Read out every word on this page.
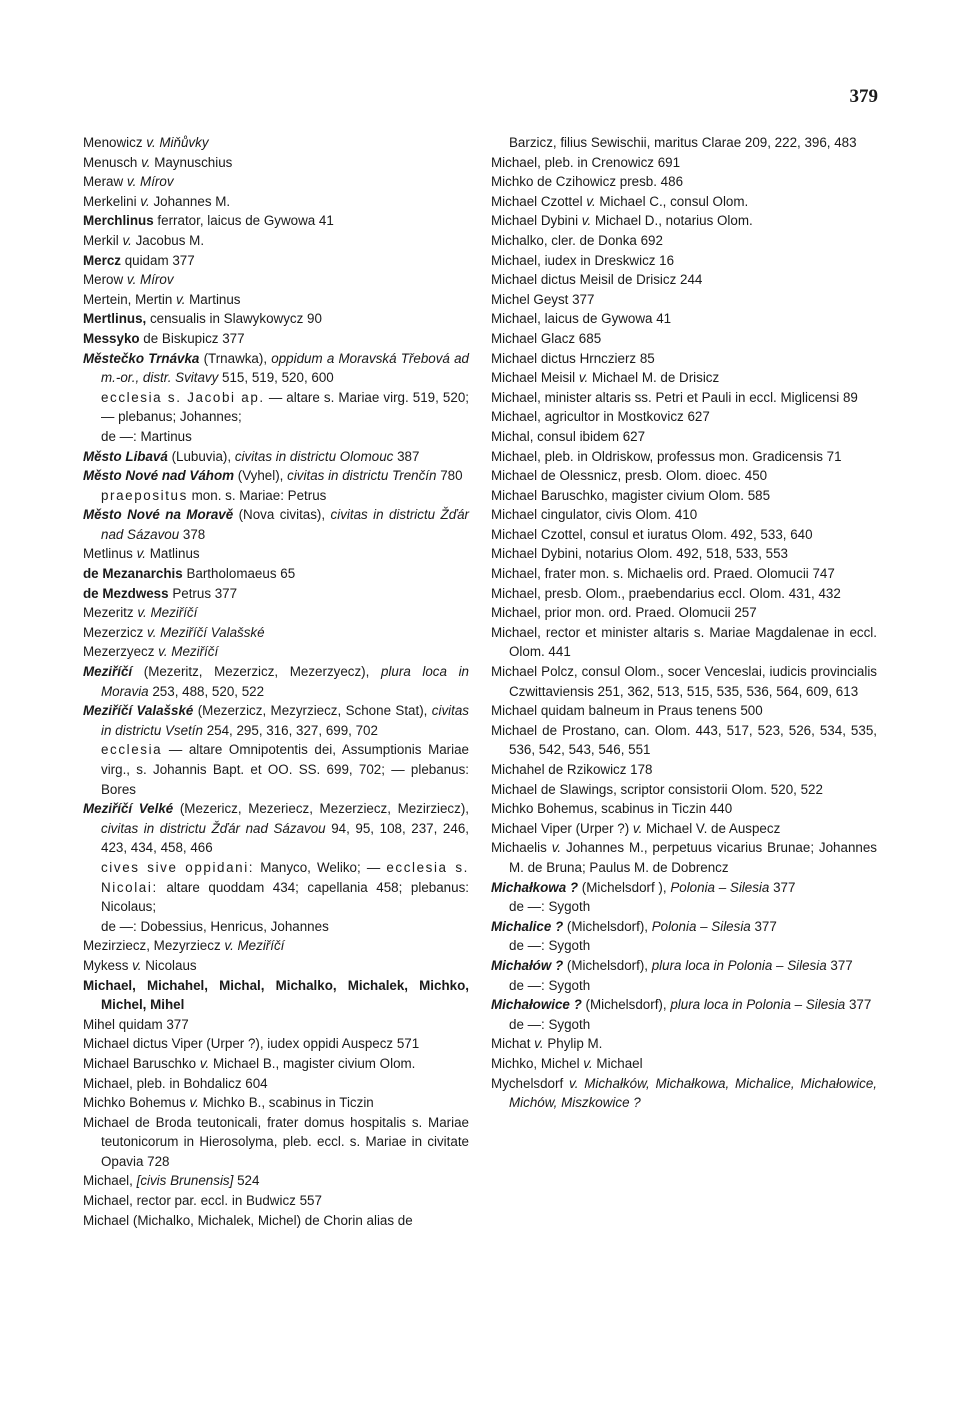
379
Menowicz v. Miňůvky
Menusch v. Maynuschius
Meraw v. Mírov
Merkelini v. Johannes M.
Merchlinus ferrator, laicus de Gywowa 41
Merkil v. Jacobus M.
Mercz quidam 377
Merow v. Mírov
Mertein, Mertin v. Martinus
Mertlinus, censualis in Slawykowycz 90
Messyko de Biskupicz 377
Městečko Trnávka (Trnawka), oppidum a Moravská Třebová ad m.-or., distr. Svitavy 515, 519, 520, 600
ecclesia s. Jacobi ap. — altare s. Mariae virg. 519, 520; — plebanus; Johannes;
de —: Martinus
Město Libavá (Lubuvia), civitas in districtu Olomouc 387
Město Nové nad Váhom (Vyhel), civitas in districtu Trenčín 780
praepositus mon. s. Mariae: Petrus
Město Nové na Moravě (Nova civitas), civitas in districtu Žďár nad Sázavou 378
Metlinus v. Matlinus
de Mezanarchis Bartholomaeus 65
de Mezdwess Petrus 377
Mezeritz v. Meziříčí
Mezerzicz v. Meziříčí Valašské
Mezerzyecz v. Meziříčí
Meziříčí (Mezeritz, Mezerzicz, Mezerzyecz), plura loca in Moravia 253, 488, 520, 522
Meziříčí Valašské (Mezerzicz, Mezyrziecz, Schone Stat), civitas in districtu Vsetín 254, 295, 316, 327, 699, 702
ecclesia — altare Omnipotentis dei, Assumptionis Mariae virg., s. Johannis Bapt. et OO. SS. 699, 702; — plebanus: Bores
Meziříčí Velké (Mezericz, Mezeriecz, Mezerziecz, Mezirziecz), civitas in districtu Žďár nad Sázavou 94, 95, 108, 237, 246, 423, 434, 458, 466
cives sive oppidani: Manyco, Weliko; — ecclesia s. Nicolai: altare quoddam 434; capellania 458; plebanus: Nicolaus;
de —: Dobessius, Henricus, Johannes
Mezirziecz, Mezyrziecz v. Meziříčí
Mykess v. Nicolaus
Michael, Michahel, Michal, Michalko, Michalek, Michko, Michel, Mihel
Mihel quidam 377
Michael dictus Viper (Urper ?), iudex oppidi Auspecz 571
Michael Baruschko v. Michael B., magister civium Olom.
Michael, pleb. in Bohdalicz 604
Michko Bohemus v. Michko B., scabinus in Ticzin
Michael de Broda teutonicali, frater domus hospitalis s. Mariae teutonicorum in Hierosolyma, pleb. eccl. s. Mariae in civitate Opavia 728
Michael, [civis Brunensis] 524
Michael, rector par. eccl. in Budwicz 557
Michael (Michalko, Michalek, Michel) de Chorin alias de
Barzicz, filius Sewischii, maritus Clarae 209, 222, 396, 483
Michael, pleb. in Crenowicz 691
Michko de Czihowicz presb. 486
Michael Czottel v. Michael C., consul Olom.
Michael Dybini v. Michael D., notarius Olom.
Michalko, cler. de Donka 692
Michael, iudex in Dreskwicz 16
Michael dictus Meisil de Drisicz 244
Michel Geyst 377
Michael, laicus de Gywowa 41
Michael Glacz 685
Michael dictus Hrnczierz 85
Michael Meisil v. Michael M. de Drisicz
Michael, minister altaris ss. Petri et Pauli in eccl. Miglicensi 89
Michael, agricultor in Mostkovicz 627
Michal, consul ibidem 627
Michael, pleb. in Oldriskow, professus mon. Gradicensis 71
Michael de Olessnicz, presb. Olom. dioec. 450
Michael Baruschko, magister civium Olom. 585
Michael cingulator, civis Olom. 410
Michael Czottel, consul et iuratus Olom. 492, 533, 640
Michael Dybini, notarius Olom. 492, 518, 533, 553
Michael, frater mon. s. Michaelis ord. Praed. Olomucii 747
Michael, presb. Olom., praebendarius eccl. Olom. 431, 432
Michael, prior mon. ord. Praed. Olomucii 257
Michael, rector et minister altaris s. Mariae Magdalenae in eccl. Olom. 441
Michael Polcz, consul Olom., socer Venceslai, iudicis provincialis Czwittaviensis 251, 362, 513, 515, 535, 536, 564, 609, 613
Michael quidam balneum in Praus tenens 500
Michael de Prostano, can. Olom. 443, 517, 523, 526, 534, 535, 536, 542, 543, 546, 551
Michahel de Rzikowicz 178
Michael de Slawings, scriptor consistorii Olom. 520, 522
Michko Bohemus, scabinus in Ticzin 440
Michael Viper (Urper ?) v. Michael V. de Auspecz
Michaelis v. Johannes M., perpetuus vicarius Brunae; Johannes M. de Bruna; Paulus M. de Dobrencz
Michałkowa ? (Michelsdorf ), Polonia – Silesia 377
de —: Sygoth
Michalice ? (Michelsdorf), Polonia – Silesia 377
de —: Sygoth
Michałów ? (Michelsdorf), plura loca in Polonia – Silesia 377
de —: Sygoth
Michałowice ? (Michelsdorf), plura loca in Polonia – Silesia 377
de —: Sygoth
Michat v. Phylip M.
Michko, Michel v. Michael
Mychelsdorf v. Michałków, Michałkowa, Michalice, Michałowice, Michów, Miszkowice ?
